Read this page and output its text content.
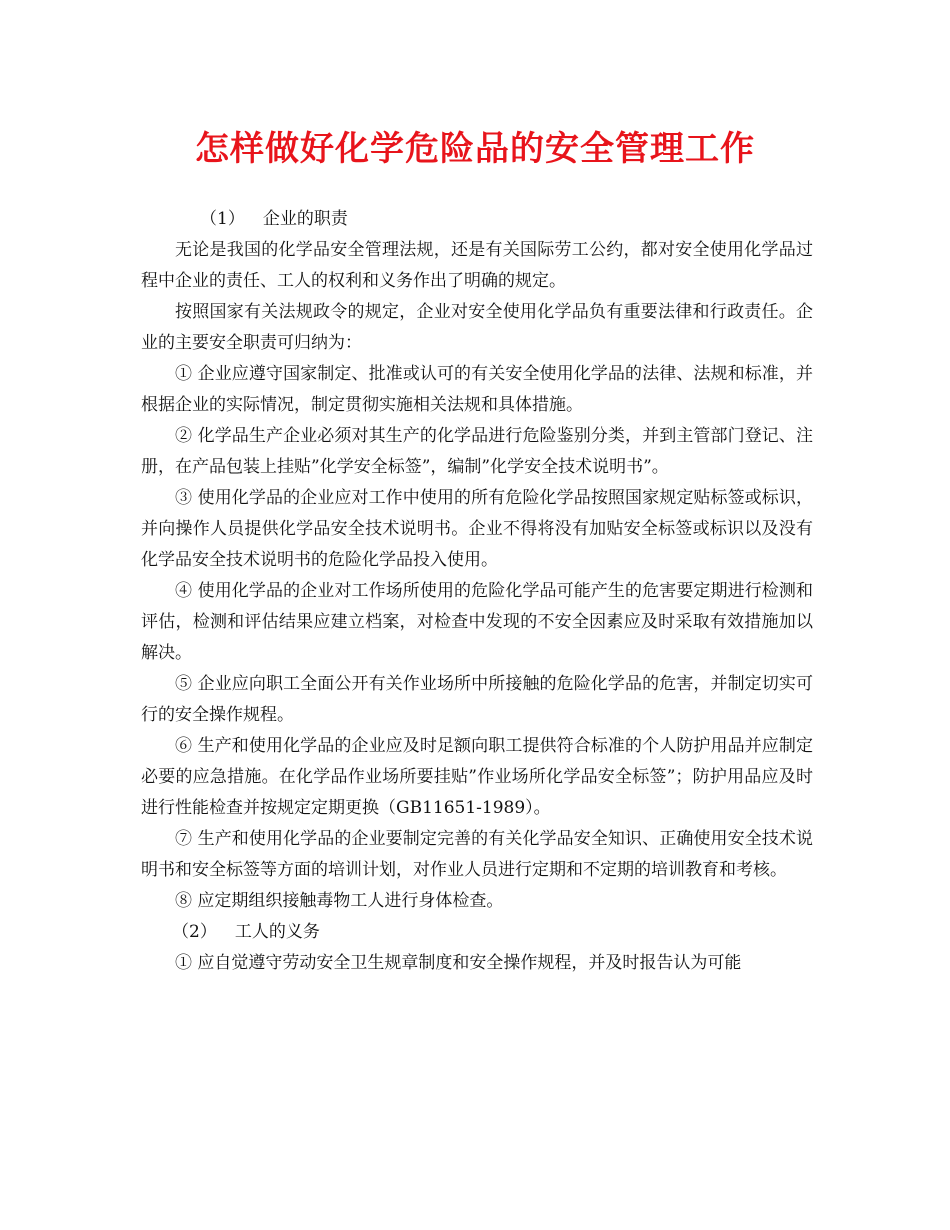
怎样做好化学危险品的安全管理工作
（1） 企业的职责

无论是我国的化学品安全管理法规，还是有关国际劳工公约，都对安全使用化学品过程中企业的责任、工人的权利和义务作出了明确的规定。

按照国家有关法规政令的规定，企业对安全使用化学品负有重要法律和行政责任。企业的主要安全职责可归纳为：

① 企业应遵守国家制定、批准或认可的有关安全使用化学品的法律、法规和标准，并根据企业的实际情况，制定贯彻实施相关法规和具体措施。

② 化学品生产企业必须对其生产的化学品进行危险鉴别分类，并到主管部门登记、注册，在产品包装上挂贴”化学安全标签”，编制”化学安全技术说明书”。

③ 使用化学品的企业应对工作中使用的所有危险化学品按照国家规定贴标签或标识，并向操作人员提供化学品安全技术说明书。企业不得将没有加贴安全标签或标识以及没有化学品安全技术说明书的危险化学品投入使用。

④ 使用化学品的企业对工作场所使用的危险化学品可能产生的危害要定期进行检测和评估，检测和评估结果应建立档案，对检查中发现的不安全因素应及时采取有效措施加以解决。

⑤ 企业应向职工全面公开有关作业场所中所接触的危险化学品的危害，并制定切实可行的安全操作规程。

⑥ 生产和使用化学品的企业应及时足额向职工提供符合标准的个人防护用品并应制定必要的应急措施。在化学品作业场所要挂贴”作业场所化学品安全标签”；防护用品应及时进行性能检查并按规定定期更换（GB11651-1989）。

⑦ 生产和使用化学品的企业要制定完善的有关化学品安全知识、正确使用安全技术说明书和安全标签等方面的培训计划，对作业人员进行定期和不定期的培训教育和考核。

⑧ 应定期组织接触毒物工人进行身体检查。

（2） 工人的义务

① 应自觉遵守劳动安全卫生规章制度和安全操作规程，并及时报告认为可能
